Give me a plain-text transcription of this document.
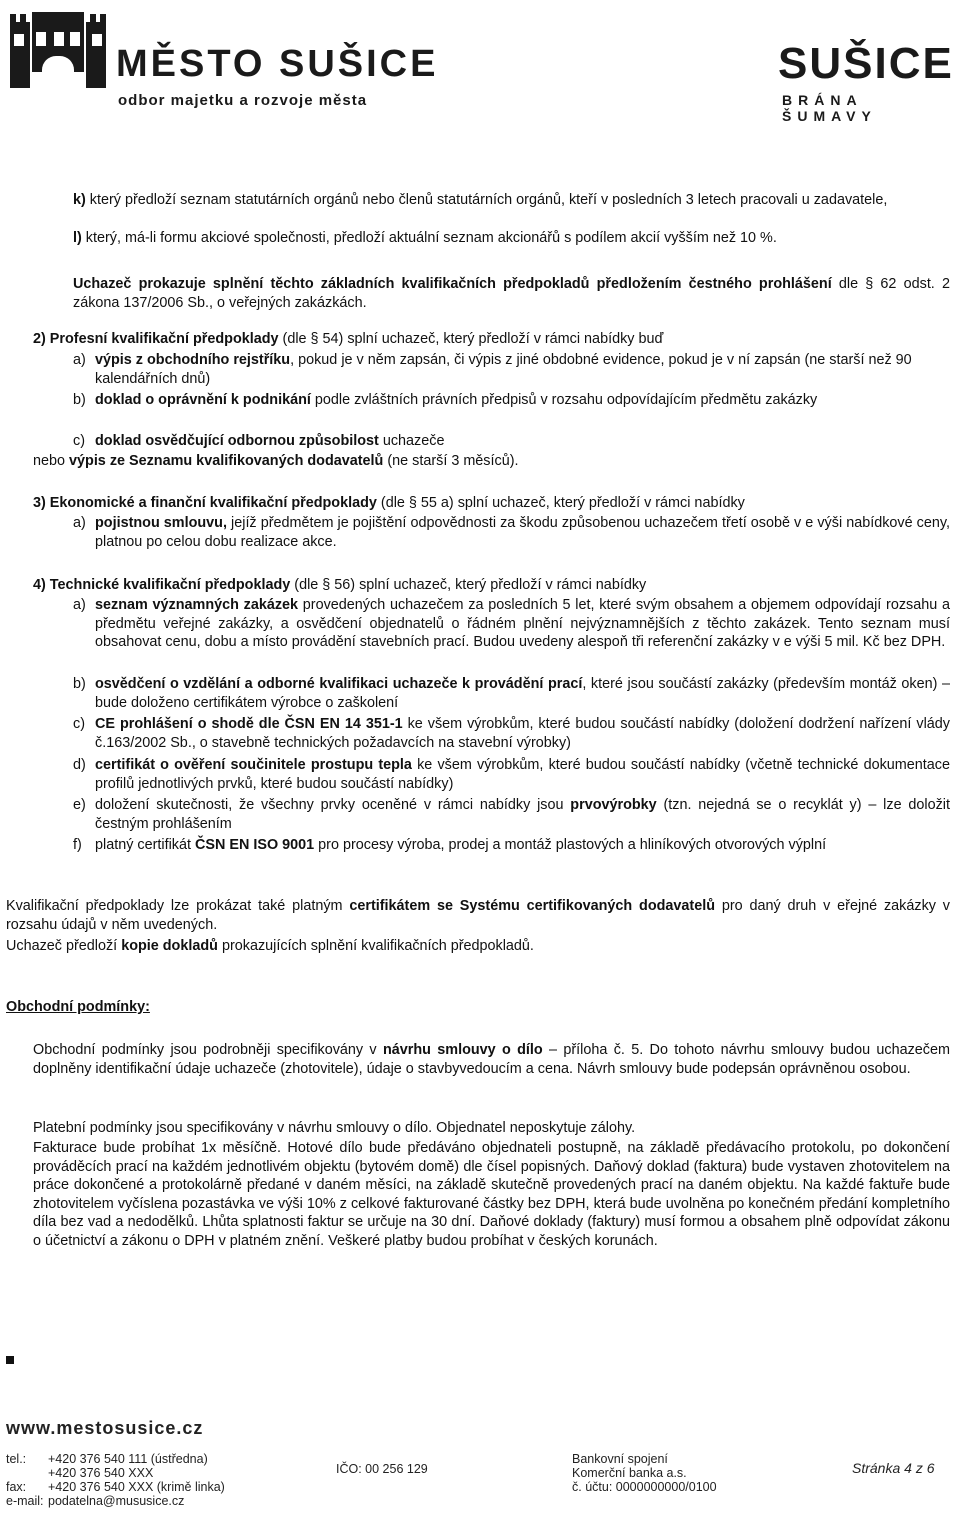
MĚSTO SUŠICE
odbor majetku a rozvoje města
SUŠICE
BRÁNA ŠUMAVY
k) který předloží seznam statutárních orgánů nebo členů statutárních orgánů, kteří v posledních 3 letech pracovali u zadavatele,
l) který, má-li formu akciové společnosti, předloží aktuální seznam akcionářů s podílem akcií vyšším než 10 %.
Uchazeč prokazuje splnění těchto základních kvalifikačních předpokladů předložením čestného prohlášení dle § 62 odst. 2 zákona 137/2006 Sb., o veřejných zakázkách.
2) Profesní kvalifikační předpoklady (dle § 54) splní uchazeč, který předloží v rámci nabídky buď
a) výpis z obchodního rejstříku, pokud je v něm zapsán, či výpis z jiné obdobné evidence, pokud je v ní zapsán (ne starší než 90 kalendářních dnů)
b) doklad o oprávnění k podnikání podle zvláštních právních předpisů v rozsahu odpovídajícím předmětu zakázky
c) doklad osvědčující odbornou způsobilost uchazeče
nebo výpis ze Seznamu kvalifikovaných dodavatelů (ne starší 3 měsíců).
3) Ekonomické a finanční kvalifikační předpoklady (dle § 55 a) splní uchazeč, který předloží v rámci nabídky
a) pojistnou smlouvu, jejíž předmětem je pojištění odpovědnosti za škodu způsobenou uchazečem třetí osobě v e výši nabídkové ceny, platnou po celou dobu realizace akce.
4) Technické kvalifikační předpoklady (dle § 56) splní uchazeč, který předloží v rámci nabídky
a) seznam významných zakázek provedených uchazečem za posledních 5 let, které svým obsahem a objemem odpovídají rozsahu a předmětu veřejné zakázky, a osvědčení objednatelů o řádném plnění nejvýznamnějších z těchto zakázek. Tento seznam musí obsahovat cenu, dobu a místo provádění stavebních prací. Budou uvedeny alespoň tři referenční zakázky v e výši 5 mil. Kč bez DPH.
b) osvědčení o vzdělání a odborné kvalifikaci uchazeče k provádění prací, které jsou součástí zakázky (především montáž oken) – bude doloženo certifikátem výrobce o zaškolení
c) CE prohlášení o shodě dle ČSN EN 14 351-1 ke všem výrobkům, které budou součástí nabídky (doložení dodržení nařízení vlády č.163/2002 Sb., o stavebně technických požadavcích na stavební výrobky)
d) certifikát o ověření součinitele prostupu tepla ke všem výrobkům, které budou součástí nabídky (včetně technické dokumentace profilů jednotlivých prvků, které budou součástí nabídky)
e) doložení skutečnosti, že všechny prvky oceněné v rámci nabídky jsou prvovýrobky (tzn. nejedná se o recyklát y) – lze doložit čestným prohlášením
f) platný certifikát ČSN EN ISO 9001 pro procesy výroba, prodej a montáž plastových a hliníkových otvorových výplní
Kvalifikační předpoklady lze prokázat také platným certifikátem se Systému certifikovaných dodavatelů pro daný druh v eřejné zakázky v rozsahu údajů v něm uvedených.
Uchazeč předloží kopie dokladů prokazujících splnění kvalifikačních předpokladů.
Obchodní podmínky:
Obchodní podmínky jsou podrobněji specifikovány v návrhu smlouvy o dílo – příloha č. 5. Do tohoto návrhu smlouvy budou uchazečem doplněny identifikační údaje uchazeče (zhotovitele), údaje o stavbyvedoucím a cena. Návrh smlouvy bude podepsán oprávněnou osobou.
Platební podmínky jsou specifikovány v návrhu smlouvy o dílo. Objednatel neposkytuje zálohy.
Fakturace bude probíhat 1x měsíčně. Hotové dílo bude předáváno objednateli postupně, na základě předávacího protokolu, po dokončení prováděcích prací na každém jednotlivém objektu (bytovém domě) dle čísel popisných. Daňový doklad (faktura) bude vystaven zhotovitelem na práce dokončené a protokolárně předané v daném měsíci, na základě skutečně provedených prací na daném objektu. Na každé faktuře bude zhotovitelem vyčíslena pozastávka ve výši 10% z celkové fakturované částky bez DPH, která bude uvolněna po konečném předání kompletního díla bez vad a nedodělků. Lhůta splatnosti faktur se určuje na 30 dní. Daňové doklady (faktury) musí formou a obsahem plně odpovídat zákonu o účetnictví a zákonu o DPH v platném znění. Veškeré platby budou probíhat v českých korunách.
www.mestosusice.cz
tel.:	+420 376 540 111 (ústředna)
+420 376 540 XXX
fax:	+420 376 540 XXX (krimě linka)
e-mail: podatelna@mususice.cz
IČO: 00 256 129
Bankovní spojení
Komerční banka a.s.
č. účtu: 0000000000/0100
Stránka 4 z 6
